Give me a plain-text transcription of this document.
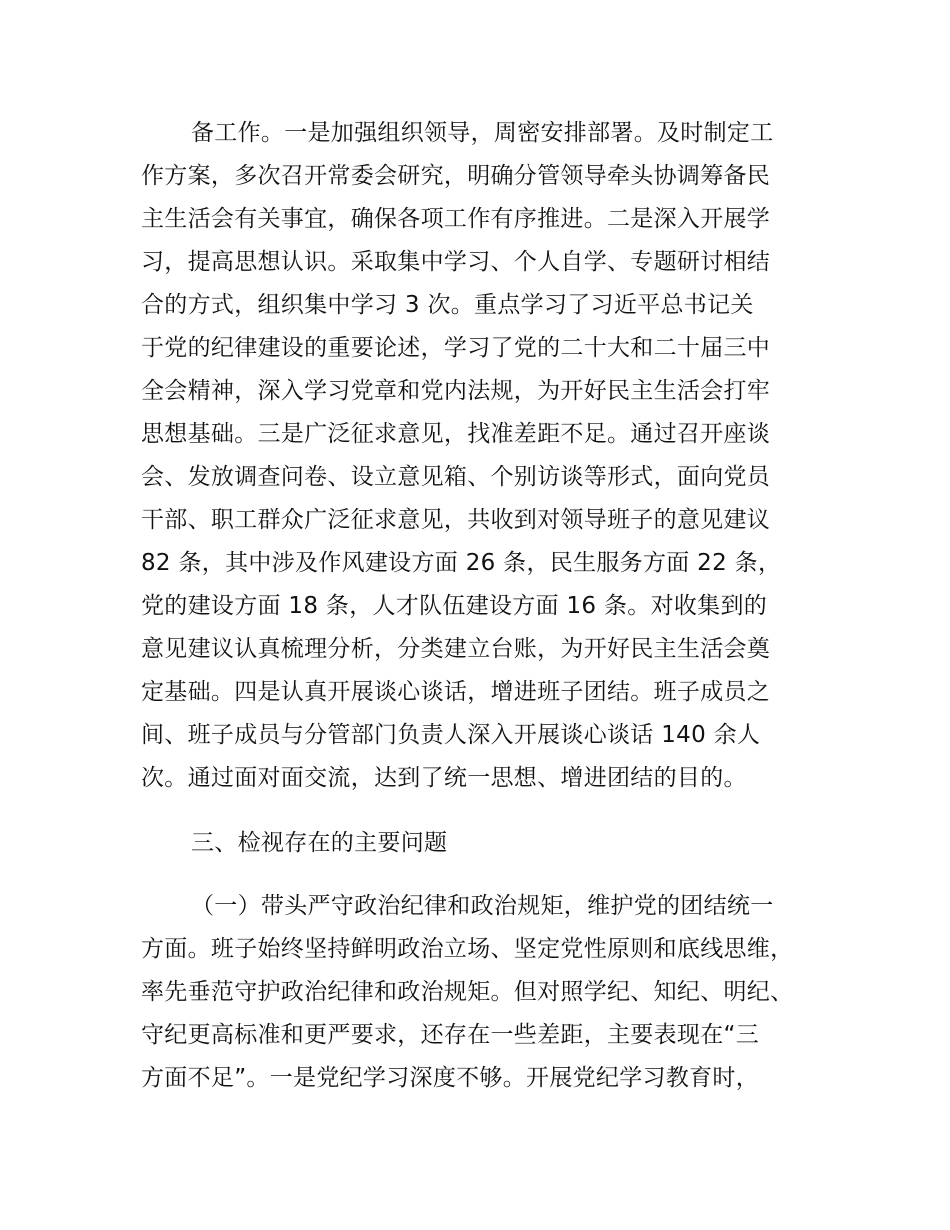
备工作。一是加强组织领导，周密安排部署。及时制定工

作方案，多次召开常委会研究，明确分管领导牵头协调筹备民

主生活会有关事宜，确保各项工作有序推进。二是深入开展学

习，提高思想认识。采取集中学习、个人自学、专题研讨相结

合的方式，组织集中学习 3 次。重点学习了习近平总书记关

于党的纪律建设的重要论述，学习了党的二十大和二十届三中

全会精神，深入学习党章和党内法规，为开好民主生活会打牢

思想基础。三是广泛征求意见，找准差距不足。通过召开座谈

会、发放调查问卷、设立意见箱、个别访谈等形式，面向党员

干部、职工群众广泛征求意见，共收到对领导班子的意见建议

82 条，其中涉及作风建设方面 26 条，民生服务方面 22 条，

党的建设方面 18 条，人才队伍建设方面 16 条。对收集到的

意见建议认真梳理分析，分类建立台账，为开好民主生活会奠

定基础。四是认真开展谈心谈话，增进班子团结。班子成员之

间、班子成员与分管部门负责人深入开展谈心谈话 140 余人

次。通过面对面交流，达到了统一思想、增进团结的目的。

三、检视存在的主要问题

（一）带头严守政治纪律和政治规矩，维护党的团结统一

方面。班子始终坚持鲜明政治立场、坚定党性原则和底线思维，

率先垂范守护政治纪律和政治规矩。但对照学纪、知纪、明纪、

守纪更高标准和更严要求，还存在一些差距，主要表现在“三

方面不足”。一是党纪学习深度不够。开展党纪学习教育时，
